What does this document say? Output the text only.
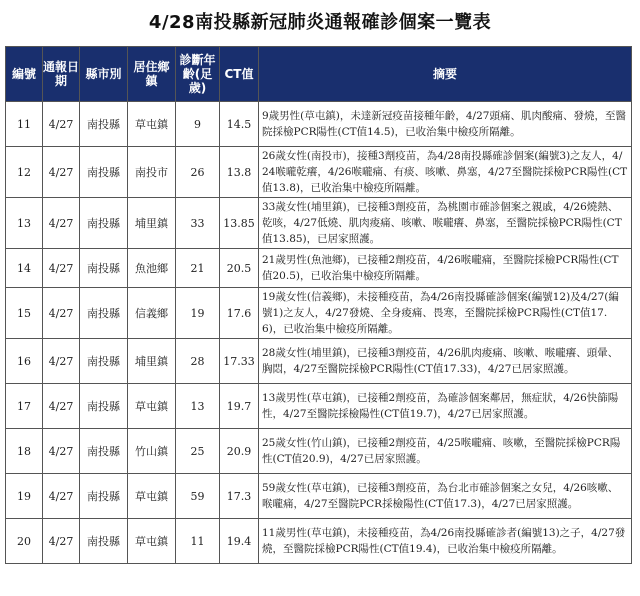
4/28南投縣新冠肺炎通報確診個案一覽表
編號	通報日期	縣市別	居住鄉鎮	診斷年齡(足歲)	CT值	摘要
11	4/27	南投縣	草屯鎮	9	14.5	9歲男性(草屯鎮)，未達新冠疫苗接種年齡，4/27頭痛、肌肉酸痛、發燒，至醫院採檢PCR陽性(CT值14.5)，已收治集中檢疫所隔離。
12	4/27	南投縣	南投市	26	13.8	26歲女性(南投市)，接種3劑疫苗，為4/28南投縣確診個案(編號3)之友人，4/24喉嚨乾癢，4/26喉嚨痛、有痰、咳嗽、鼻塞，4/27至醫院採檢PCR陽性(CT值13.8)，已收治集中檢疫所隔離。
13	4/27	南投縣	埔里鎮	33	13.85	33歲女性(埔里鎮)，已接種3劑疫苗，為桃園市確診個案之親戚，4/26燒熱、乾咳，4/27低燒、肌肉痠痛、咳嗽、喉嚨癢、鼻塞，至醫院採檢PCR陽性(CT值13.85)，已居家照護。
14	4/27	南投縣	魚池鄉	21	20.5	21歲男性(魚池鄉)，已接種2劑疫苗，4/26喉嚨痛，至醫院採檢PCR陽性(CT值20.5)，已收治集中檢疫所隔離。
15	4/27	南投縣	信義鄉	19	17.6	19歲女性(信義鄉)，未接種疫苗，為4/26南投縣確診個案(編號12)及4/27(編號1)之友人，4/27發燒、全身痠痛、畏寒，至醫院採檢PCR陽性(CT值17.6)，已收治集中檢疫所隔離。
16	4/27	南投縣	埔里鎮	28	17.33	28歲女性(埔里鎮)，已接種3劑疫苗，4/26肌肉痠痛、咳嗽、喉嚨癢、頭暈、胸悶，4/27至醫院採檢PCR陽性(CT值17.33)，4/27已居家照護。
17	4/27	南投縣	草屯鎮	13	19.7	13歲男性(草屯鎮)，已接種2劑疫苗，為確診個案鄰居，無症狀，4/26快篩陽性，4/27至醫院採檢陽性(CT值19.7)，4/27已居家照護。
18	4/27	南投縣	竹山鎮	25	20.9	25歲女性(竹山鎮)，已接種2劑疫苗，4/25喉嚨痛、咳嗽，至醫院採檢PCR陽性(CT值20.9)，4/27已居家照護。
19	4/27	南投縣	草屯鎮	59	17.3	59歲女性(草屯鎮)，已接種3劑疫苗，為台北市確診個案之女兒，4/26咳嗽、喉嚨痛，4/27至醫院PCR採檢陽性(CT值17.3)，4/27已居家照護。
20	4/27	南投縣	草屯鎮	11	19.4	11歲男性(草屯鎮)，未接種疫苗，為4/26南投縣確診者(編號13)之子，4/27發燒，至醫院採檢PCR陽性(CT值19.4)，已收治集中檢疫所隔離。
